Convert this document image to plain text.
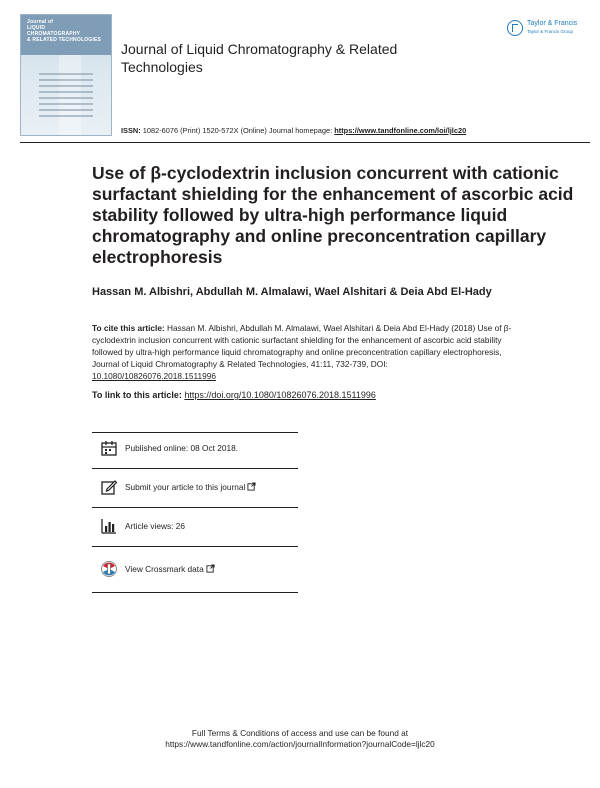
Journal of
LIQUID
CHROMATOGRAPHY
& RELATED TECHNOLOGIES
Journal of Liquid Chromatography & Related Technologies
Taylor & Francis
Taylor & Francis Group
ISSN: 1082-6076 (Print) 1520-572X (Online) Journal homepage: https://www.tandfonline.com/loi/ljlc20
Use of β-cyclodextrin inclusion concurrent with cationic surfactant shielding for the enhancement of ascorbic acid stability followed by ultra-high performance liquid chromatography and online preconcentration capillary electrophoresis
Hassan M. Albishri, Abdullah M. Almalawi, Wael Alshitari & Deia Abd El-Hady
To cite this article: Hassan M. Albishri, Abdullah M. Almalawi, Wael Alshitari & Deia Abd El-Hady (2018) Use of β-cyclodextrin inclusion concurrent with cationic surfactant shielding for the enhancement of ascorbic acid stability followed by ultra-high performance liquid chromatography and online preconcentration capillary electrophoresis, Journal of Liquid Chromatography & Related Technologies, 41:11, 732-739, DOI: 10.1080/10826076.2018.1511996
To link to this article: https://doi.org/10.1080/10826076.2018.1511996
Published online: 08 Oct 2018.
Submit your article to this journal
Article views: 26
View Crossmark data
Full Terms & Conditions of access and use can be found at
https://www.tandfonline.com/action/journalInformation?journalCode=ljlc20
